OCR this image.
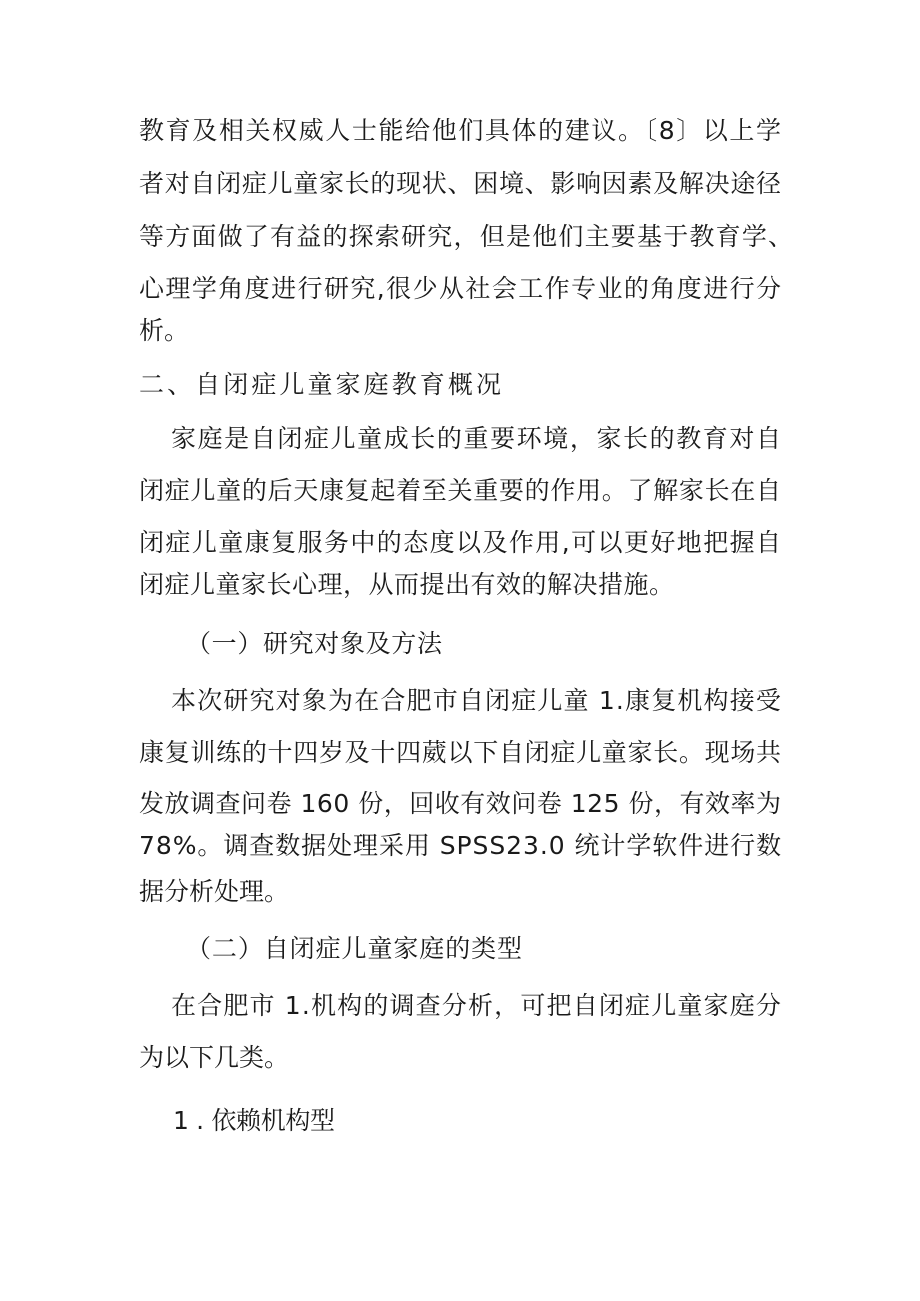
教育及相关权威人士能给他们具体的建议。〔8〕以上学
者对自闭症儿童家长的现状、困境、影响因素及解决途径
等方面做了有益的探索研究，但是他们主要基于教育学、
心理学角度进行研究,很少从社会工作专业的角度进行分
析。
二、自闭症儿童家庭教育概况
家庭是自闭症儿童成长的重要环境，家长的教育对自
闭症儿童的后天康复起着至关重要的作用。了解家长在自
闭症儿童康复服务中的态度以及作用,可以更好地把握自
闭症儿童家长心理，从而提出有效的解决措施。
（一）研究对象及方法
本次研究对象为在合肥市自闭症儿童 1.康复机构接受
康复训练的十四岁及十四葳以下自闭症儿童家长。现场共
发放调查问卷 160 份，回收有效问卷 125 份，有效率为
78%。调查数据处理采用 SPSS23.0 统计学软件进行数
据分析处理。
（二）自闭症儿童家庭的类型
在合肥市 1.机构的调查分析，可把自闭症儿童家庭分
为以下几类。
1 . 依赖机构型
